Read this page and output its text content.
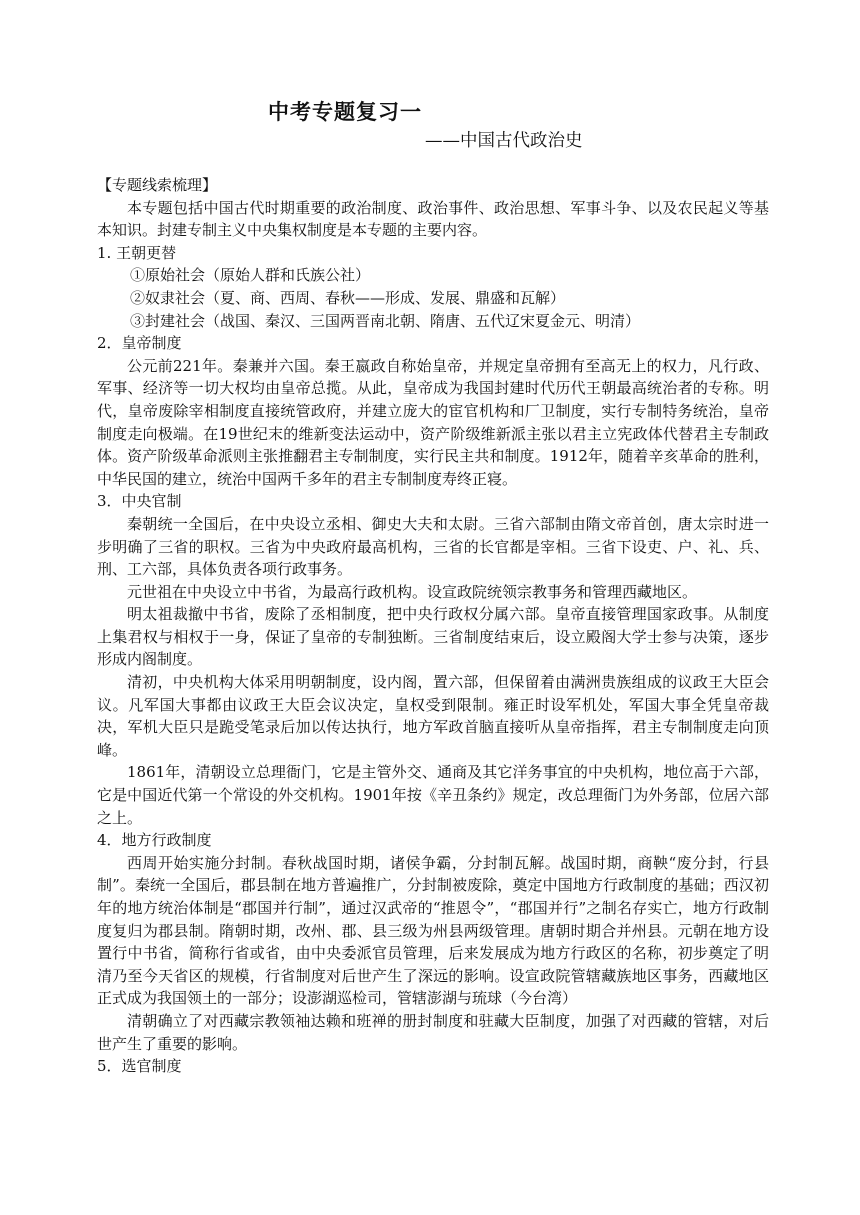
中考专题复习一
——中国古代政治史

【专题线索梳理】

本专题包括中国古代时期重要的政治制度、政治事件、政治思想、军事斗争、以及农民起义等基本知识。封建专制主义中央集权制度是本专题的主要内容。

1. 王朝更替

①原始社会（原始人群和氏族公社）

②奴隶社会（夏、商、西周、春秋——形成、发展、鼎盛和瓦解）

③封建社会（战国、秦汉、三国两晋南北朝、隋唐、五代辽宋夏金元、明清）

2．皇帝制度

公元前221年。秦兼并六国。秦王嬴政自称始皇帝，并规定皇帝拥有至高无上的权力，凡行政、军事、经济等一切大权均由皇帝总揽。从此，皇帝成为我国封建时代历代王朝最高统治者的专称。明代，皇帝废除宰相制度直接统管政府，并建立庞大的宦官机构和厂卫制度，实行专制特务统治，皇帝制度走向极端。在19世纪末的维新变法运动中，资产阶级维新派主张以君主立宪政体代替君主专制政体。资产阶级革命派则主张推翻君主专制制度，实行民主共和制度。1912年，随着辛亥革命的胜利，中华民国的建立，统治中国两千多年的君主专制制度寿终正寝。

3．中央官制

秦朝统一全国后，在中央设立丞相、御史大夫和太尉。三省六部制由隋文帝首创，唐太宗时进一步明确了三省的职权。三省为中央政府最高机构，三省的长官都是宰相。三省下设吏、户、礼、兵、刑、工六部，具体负责各项行政事务。

元世祖在中央设立中书省，为最高行政机构。设宣政院统领宗教事务和管理西藏地区。

明太祖裁撤中书省，废除了丞相制度，把中央行政权分属六部。皇帝直接管理国家政事。从制度上集君权与相权于一身，保证了皇帝的专制独断。三省制度结束后，设立殿阁大学士参与决策，逐步形成内阁制度。

清初，中央机构大体采用明朝制度，设内阁，置六部，但保留着由满洲贵族组成的议政王大臣会议。凡军国大事都由议政王大臣会议决定，皇权受到限制。雍正时设军机处，军国大事全凭皇帝裁决，军机大臣只是跪受笔录后加以传达执行，地方军政首脑直接听从皇帝指挥，君主专制制度走向顶峰。

1861年，清朝设立总理衙门，它是主管外交、通商及其它洋务事宜的中央机构，地位高于六部，它是中国近代第一个常设的外交机构。1901年按《辛丑条约》规定，改总理衙门为外务部，位居六部之上。

4．地方行政制度

西周开始实施分封制。春秋战国时期，诸侯争霸，分封制瓦解。战国时期，商鞅“废分封，行县制”。秦统一全国后，郡县制在地方普遍推广，分封制被废除，奠定中国地方行政制度的基础；西汉初年的地方统治体制是“郡国并行制”，通过汉武帝的“推恩令”，“郡国并行”之制名存实亡，地方行政制度复归为郡县制。隋朝时期，改州、郡、县三级为州县两级管理。唐朝时期合并州县。元朝在地方设置行中书省，简称行省或省，由中央委派官员管理，后来发展成为地方行政区的名称，初步奠定了明清乃至今天省区的规模，行省制度对后世产生了深远的影响。设宣政院管辖藏族地区事务，西藏地区正式成为我国领土的一部分；设澎湖巡检司，管辖澎湖与琉球（今台湾）

清朝确立了对西藏宗教领袖达赖和班禅的册封制度和驻藏大臣制度，加强了对西藏的管辖，对后世产生了重要的影响。

5．选官制度
